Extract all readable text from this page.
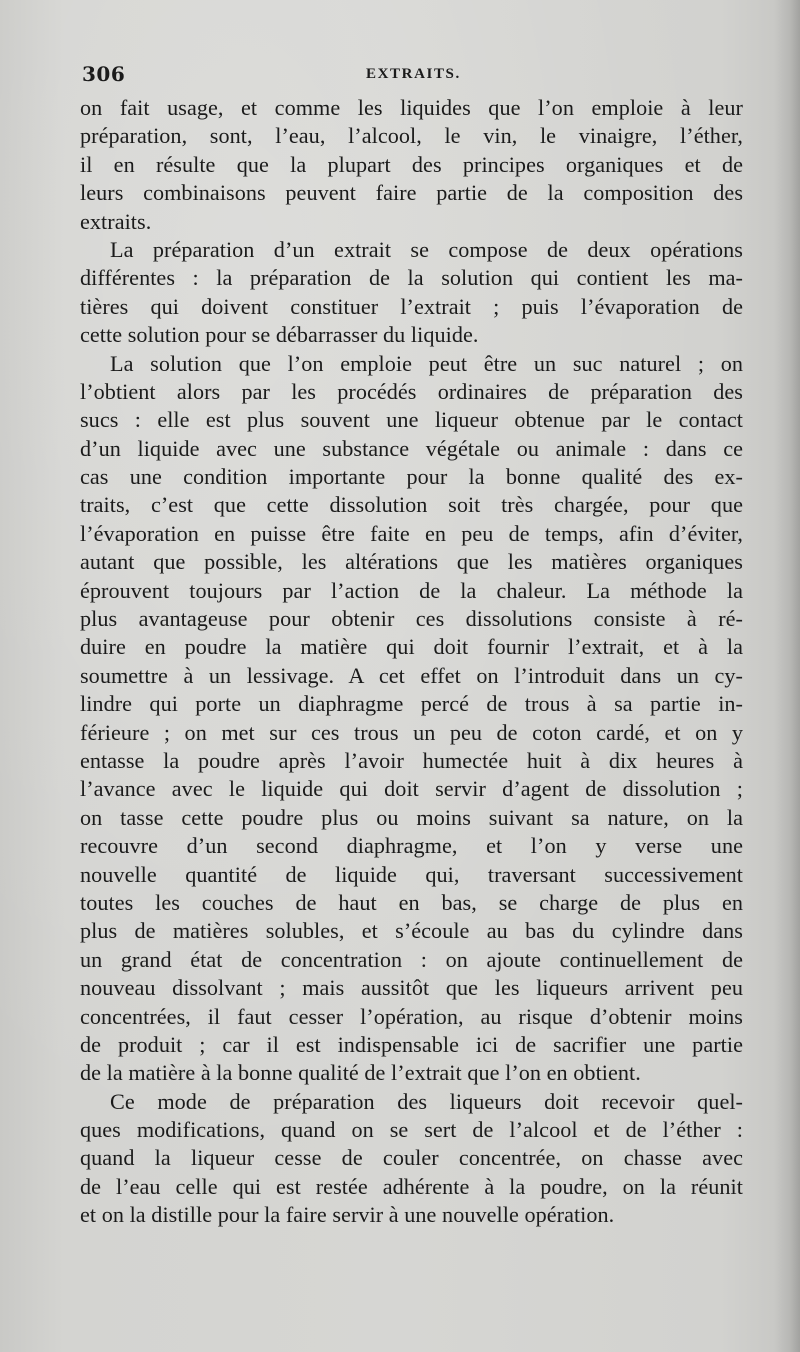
306	EXTRAITS.
on fait usage, et comme les liquides que l’on emploie à leur
préparation, sont, l’eau, l’alcool, le vin, le vinaigre, l’éther,
il en résulte que la plupart des principes organiques et de
leurs combinaisons peuvent faire partie de la composition des
extraits.
La préparation d’un extrait se compose de deux opérations
différentes : la préparation de la solution qui contient les ma-
tières qui doivent constituer l’extrait ; puis l’évaporation de
cette solution pour se débarrasser du liquide.
La solution que l’on emploie peut être un suc naturel ; on
l’obtient alors par les procédés ordinaires de préparation des
sucs : elle est plus souvent une liqueur obtenue par le contact
d’un liquide avec une substance végétale ou animale : dans ce
cas une condition importante pour la bonne qualité des ex-
traits, c’est que cette dissolution soit très chargée, pour que
l’évaporation en puisse être faite en peu de temps, afin d’éviter,
autant que possible, les altérations que les matières organiques
éprouvent toujours par l’action de la chaleur. La méthode la
plus avantageuse pour obtenir ces dissolutions consiste à ré-
duire en poudre la matière qui doit fournir l’extrait, et à la
soumettre à un lessivage. A cet effet on l’introduit dans un cy-
lindre qui porte un diaphragme percé de trous à sa partie in-
férieure ; on met sur ces trous un peu de coton cardé, et on y
entasse la poudre après l’avoir humectée huit à dix heures à
l’avance avec le liquide qui doit servir d’agent de dissolution ;
on tasse cette poudre plus ou moins suivant sa nature, on la
recouvre d’un second diaphragme, et l’on y verse une
nouvelle quantité de liquide qui, traversant successivement
toutes les couches de haut en bas, se charge de plus en
plus de matières solubles, et s’écoule au bas du cylindre dans
un grand état de concentration : on ajoute continuellement de
nouveau dissolvant ; mais aussitôt que les liqueurs arrivent peu
concentrées, il faut cesser l’opération, au risque d’obtenir moins
de produit ; car il est indispensable ici de sacrifier une partie
de la matière à la bonne qualité de l’extrait que l’on en obtient.
Ce mode de préparation des liqueurs doit recevoir quel-
ques modifications, quand on se sert de l’alcool et de l’éther :
quand la liqueur cesse de couler concentrée, on chasse avec
de l’eau celle qui est restée adhérente à la poudre, on la réunit
et on la distille pour la faire servir à une nouvelle opération.
